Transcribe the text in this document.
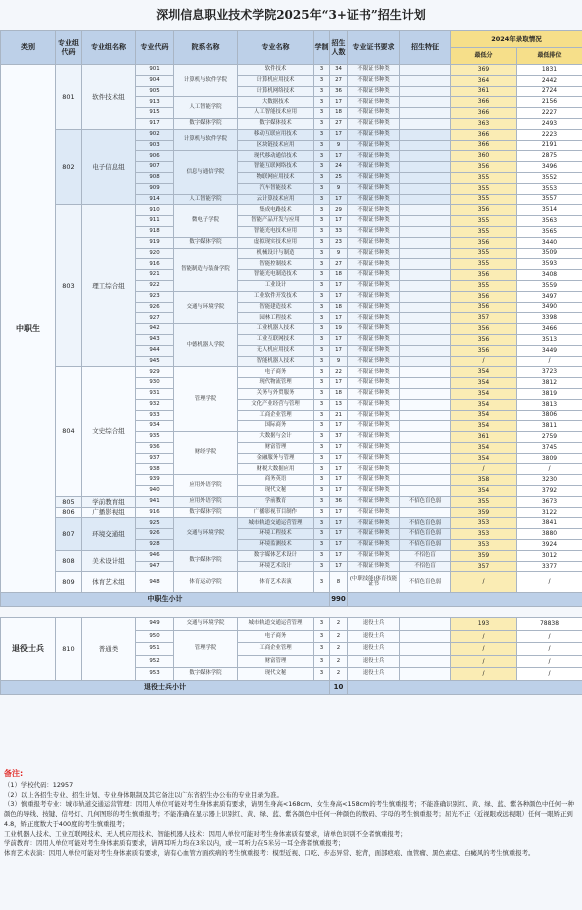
深圳信息职业技术学院2025年“3+证书”招生计划
类别	专业组代码	专业组名称	专业代码	院系名称	专业名称	学制	招生人数	专业证书要求	招生特征	2024年录取情况	
										最低分	最低排位
中职生	801	软件技术组	901	计算机与软件学院	软件技术	3	34	不限证书种类		369	1831
			904		计算机应用技术	3	27	不限证书种类		364	2442
			905		计算机网络技术	3	36	不限证书种类		361	2724
			913	人工智能学院	大数据技术	3	17	不限证书种类		366	2156
			915		人工智能技术应用	3	18	不限证书种类		366	2227
			917	数字媒体学院	数字媒体技术	3	27	不限证书种类		363	2493
	802	电子信息组	902	计算机与软件学院	移动互联应用技术	3	17	不限证书种类		366	2223
			903		区块链技术应用	3	9	不限证书种类		366	2191
			906	信息与通信学院	现代移动通信技术	3	17	不限证书种类		360	2875
			907		智能互联网络技术	3	24	不限证书种类		356	3496
			908		物联网应用技术	3	25	不限证书种类		355	3552
			909		汽车智能技术	3	9	不限证书种类		355	3553
			914	人工智能学院	云计算技术应用	3	17	不限证书种类		355	3557
	803	理工综合组	910	微电子学院	集成电路技术	3	29	不限证书种类		356	3514
			911		智能产品开发与应用	3	17	不限证书种类		355	3563
			918		智能光电技术应用	3	33	不限证书种类		355	3565
			919	数字媒体学院	虚拟现实技术应用	3	23	不限证书种类		356	3440
			920	智能制造与装备学院	机械设计与制造	3	9	不限证书种类		355	3509
			916		智能控制技术	3	27	不限证书种类		355	3593
			921		智能光电制造技术	3	18	不限证书种类		356	3408
			922		工业设计	3	17	不限证书种类		355	3559
			923	交通与环境学院	工业软件开发技术	3	17	不限证书种类		356	3497
			926		智能建造技术	3	18	不限证书种类		356	3490
			927		园林工程技术	3	17	不限证书种类		357	3398
			942	中德机器人学院	工业机器人技术	3	19	不限证书种类		356	3466
			943		工业互联网技术	3	17	不限证书种类		356	3513
			944		无人机应用技术	3	17	不限证书种类		356	3449
			945		智能机器人技术	3	9	不限证书种类		/	/
	804	文史综合组	929	管理学院	电子商务	3	22	不限证书种类		354	3723
			930		现代物流管理	3	17	不限证书种类		354	3812
			931		关务与外贸服务	3	18	不限证书种类		354	3819
			932		文化产业经营与管理	3	13	不限证书种类		354	3813
			933		工商企业管理	3	21	不限证书种类		354	3806
			934		国际商务	3	17	不限证书种类		354	3811
			935	财经学院	大数据与会计	3	37	不限证书种类		361	2759
			936		财富管理	3	17	不限证书种类		354	3745
			937		金融服务与管理	3	17	不限证书种类		354	3809
			938		财税大数据应用	3	17	不限证书种类		/	/
			939	应用外语学院	商务英语	3	17	不限证书种类		358	3230
			940		现代文秘	3	17	不限证书种类		354	3792
	805	学前教育组	941	应用外语学院	学前教育	3	36	不限证书种类	不招色盲色弱	355	3673
	806	广播影视组	916	数字媒体学院	广播影视节目制作	3	17	不限证书种类		359	3122
	807	环境交通组	925	交通与环境学院	城市轨道交通运营管理	3	17	不限证书种类	不招色盲色弱	353	3841
			926		环境工程技术	3	17	不限证书种类	不招色盲色弱	353	3880
			928		环境监测技术	3	17	不限证书种类	不招色盲色弱	353	3924
	808	美术设计组	946	数字媒体学院	数字媒体艺术设计	3	17	不限证书种类	不招色盲	359	3012
			947		环境艺术设计	3	17	不限证书种类	不招色盲	357	3377
	809	体育艺术组	948	体育运动学院	体育艺术表演	3	8	(中职技能)体育技能证书	不招色盲色弱	/	/
中职生小计							990				

退役士兵	810	普通类	949	交通与环境学院	城市轨道交通运营管理	3	2	退役士兵		193	78838
			950	管理学院	电子商务	3	2	退役士兵		/	/
			951		工商企业管理	3	2	退役士兵		/	/
			952		财富管理	3	2	退役士兵		/	/
			953	数字媒体学院	现代文秘	3	2	退役士兵		/	/
退役士兵小计							10				
备注:

（1）学校代码：12957

（2）以上各招生专业、招生计划、专业身体限制及其它备注以广东省招生办公布的专业目录为准。

（3）慎重报考专业：城市轨道交通运营管理：因用人单位可能对考生身体素质有要求，请男生身高<168cm、女生身高<158cm的考生慎重报考；不能准确识别红、黄、绿、蓝、紫各种颜色中任何一种颜色的导线、按键、信号灯、几何图形的考生慎重报考；不能准确在显示器上识别红、黄、绿、蓝、紫各颜色中任何一种颜色的数码、字母的考生慎重报考；屈光不正（近视眼或远视眼）任何一眼矫正到4.8，矫正度数大于400度的考生慎重报考；

工业机器人技术、工业互联网技术、无人机应用技术、智能机器人技术：因用人单位可能对考生身体素质有要求，请单色识别不全者慎重报考；

学前教育：因用人单位可能对考生身体素质有要求，请两耳听力均在3米以内，或一耳听力在5米另一耳全聋者慎重报考；

体育艺术表演：因用人单位可能对考生身体素质有要求，请有心血管方面疾病的考生慎重报考：模型近视、口吃、步态异常、驼背，面部疤痕、血管瘤、黑色素痣、白癜风的考生慎重报考。
